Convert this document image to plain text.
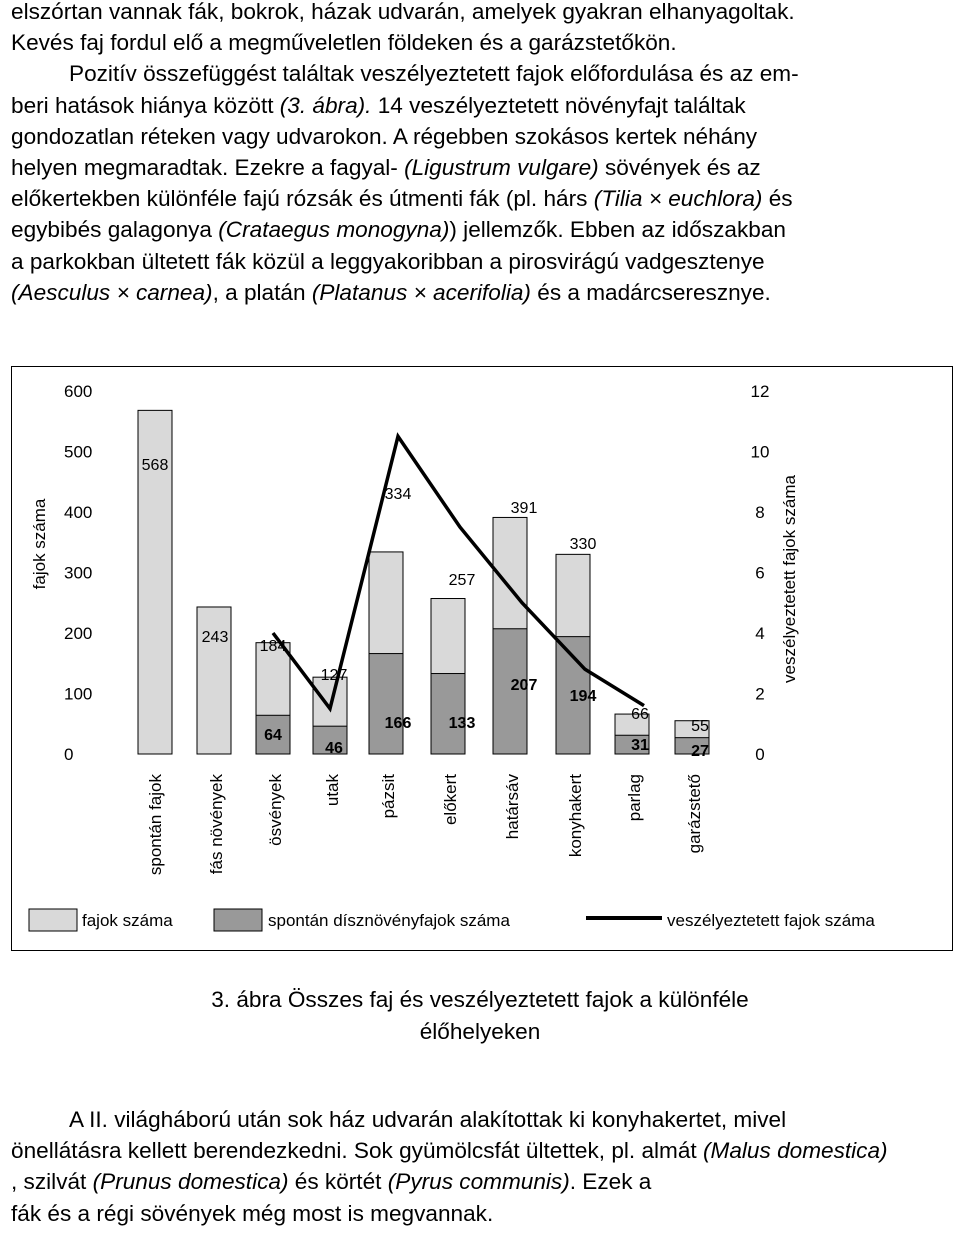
elszórtan vannak fák, bokrok, házak udvarán, amelyek gyakran elhanyagoltak.

Kevés faj fordul elő a megműveletlen földeken és a garázstetőkön.

Pozitív összefüggést találtak veszélyeztetett fajok előfordulása és az em-

beri hatások hiánya között (3. ábra). 14 veszélyeztetett növényfajt találtak

gondozatlan réteken vagy udvarokon. A régebben szokásos kertek néhány

helyen megmaradtak. Ezekre a fagyal- (Ligustrum vulgare) sövények és az

előkertekben különféle fajú rózsák és útmenti fák (pl. hárs (Tilia × euchlora) és

egybibés galagonya (Crataegus monogyna)) jellemzők. Ebben az időszakban

a parkokban ültetett fák közül a leggyakoribban a pirosvirágú vadgesztenye

(Aesculus × carnea), a platán (Platanus × acerifolia) és a madárcseresznye.

0
100
200
300
400
500
600
0
2
4
6
8
10
12
fajok száma	veszélyeztetett fajok száma
568
243
184
127
334
257
391
330
66
55
64
46
166 133
207
194
31	27
spontán fajok fás növények ösvények utak pázsit	előkert	határsáv	konyhakert parlag garázstető
fajok száma	spontán dísznövényfajok száma	veszélyeztetett fajok száma
3. ábra Összes faj és veszélyeztetett fajok a különféle
élőhelyeken

A II. világháború után sok ház udvarán alakítottak ki konyhakertet, mivel

önellátásra kellett berendezkedni. Sok gyümölcsfát ültettek, pl. almát (Malus domestica)

, szilvát (Prunus domestica) és körtét (Pyrus communis). Ezek a

fák és a régi sövények még most is megvannak.
